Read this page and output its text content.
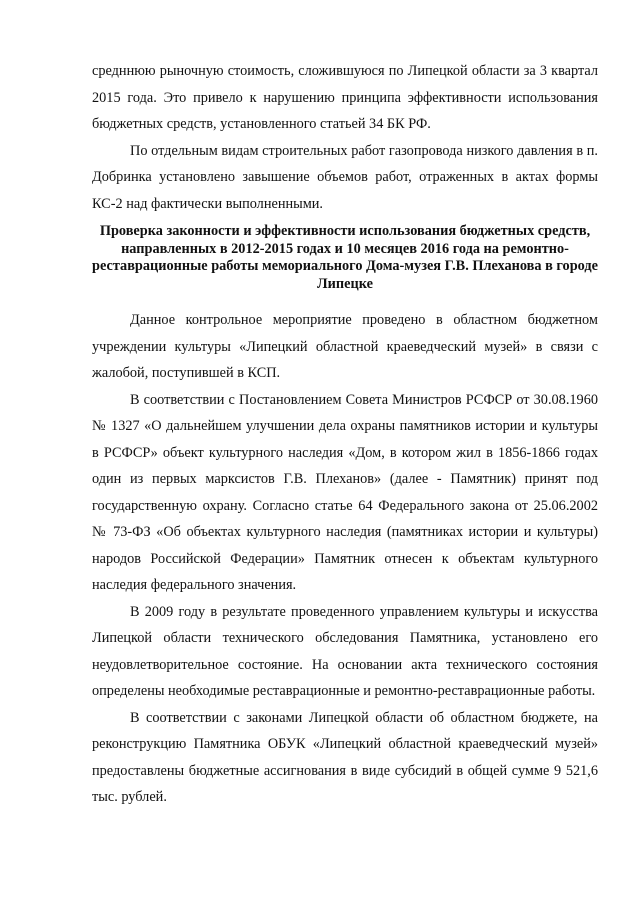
средннюю рыночную стоимость, сложившуюся по Липецкой области за 3 квартал 2015 года. Это привело к нарушению принципа эффективности использования бюджетных средств, установленного статьей 34 БК РФ.

По отдельным видам строительных работ газопровода низкого давления в п. Добринка установлено завышение объемов работ, отраженных в актах формы КС-2 над фактически выполненными.

Проверка законности и эффективности использования бюджетных средств, направленных в 2012-2015 годах и 10 месяцев 2016 года на ремонтно-реставрационные работы мемориального Дома-музея Г.В. Плеханова в городе Липецке

Данное контрольное мероприятие проведено в областном бюджетном учреждении культуры «Липецкий областной краеведческий музей» в связи с жалобой, поступившей в КСП.

В соответствии с Постановлением Совета Министров РСФСР от 30.08.1960 № 1327 «О дальнейшем улучшении дела охраны памятников истории и культуры в РСФСР» объект культурного наследия «Дом, в котором жил в 1856-1866 годах один из первых марксистов Г.В. Плеханов» (далее - Памятник) принят под государственную охрану. Согласно статье 64 Федерального закона от 25.06.2002 № 73-ФЗ «Об объектах культурного наследия (памятниках истории и культуры) народов Российской Федерации» Памятник отнесен к объектам культурного наследия федерального значения.

В 2009 году в результате проведенного управлением культуры и искусства Липецкой области технического обследования Памятника, установлено его неудовлетворительное состояние. На основании акта технического состояния определены необходимые реставрационные и ремонтно-реставрационные работы.

В соответствии с законами Липецкой области об областном бюджете, на реконструкцию Памятника ОБУК «Липецкий областной краеведческий музей» предоставлены бюджетные ассигнования в виде субсидий в общей сумме 9 521,6 тыс. рублей.
